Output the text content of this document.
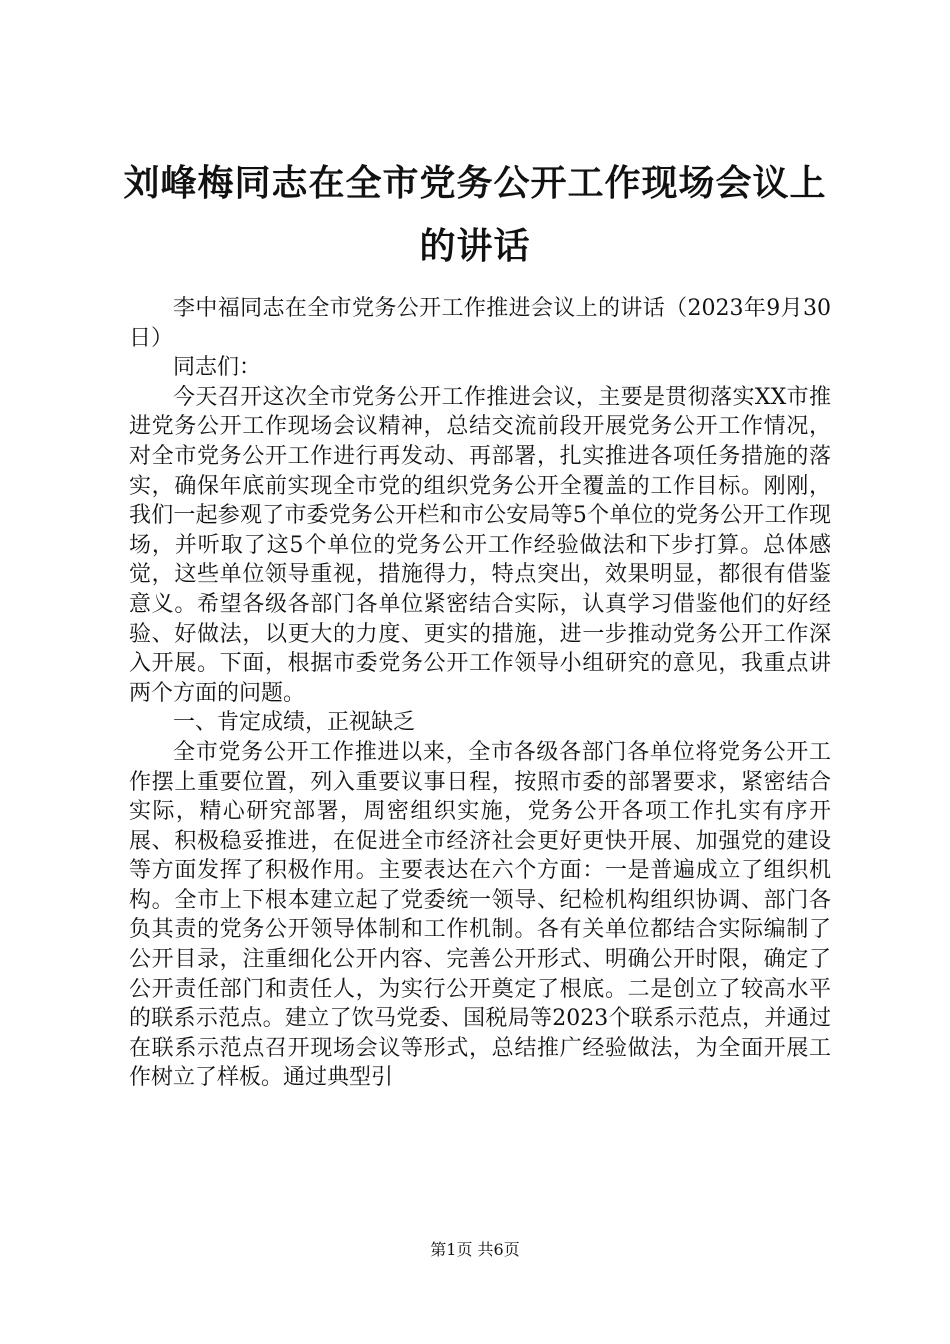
刘峰梅同志在全市党务公开工作现场会议上的讲话

李中福同志在全市党务公开工作推进会议上的讲话（2023年9月30日）

同志们：

今天召开这次全市党务公开工作推进会议，主要是贯彻落实XX市推进党务公开工作现场会议精神，总结交流前段开展党务公开工作情况，对全市党务公开工作进行再发动、再部署，扎实推进各项任务措施的落实，确保年底前实现全市党的组织党务公开全覆盖的工作目标。刚刚，我们一起参观了市委党务公开栏和市公安局等5个单位的党务公开工作现场，并听取了这5个单位的党务公开工作经验做法和下步打算。总体感觉，这些单位领导重视，措施得力，特点突出，效果明显，都很有借鉴意义。希望各级各部门各单位紧密结合实际，认真学习借鉴他们的好经验、好做法，以更大的力度、更实的措施，进一步推动党务公开工作深入开展。下面，根据市委党务公开工作领导小组研究的意见，我重点讲两个方面的问题。

一、肯定成绩，正视缺乏

全市党务公开工作推进以来，全市各级各部门各单位将党务公开工作摆上重要位置，列入重要议事日程，按照市委的部署要求，紧密结合实际，精心研究部署，周密组织实施，党务公开各项工作扎实有序开展、积极稳妥推进，在促进全市经济社会更好更快开展、加强党的建设等方面发挥了积极作用。主要表达在六个方面：一是普遍成立了组织机构。全市上下根本建立起了党委统一领导、纪检机构组织协调、部门各负其责的党务公开领导体制和工作机制。各有关单位都结合实际编制了公开目录，注重细化公开内容、完善公开形式、明确公开时限，确定了公开责任部门和责任人，为实行公开奠定了根底。二是创立了较高水平的联系示范点。建立了饮马党委、国税局等2023个联系示范点，并通过在联系示范点召开现场会议等形式，总结推广经验做法，为全面开展工作树立了样板。通过典型引

第1页 共6页
